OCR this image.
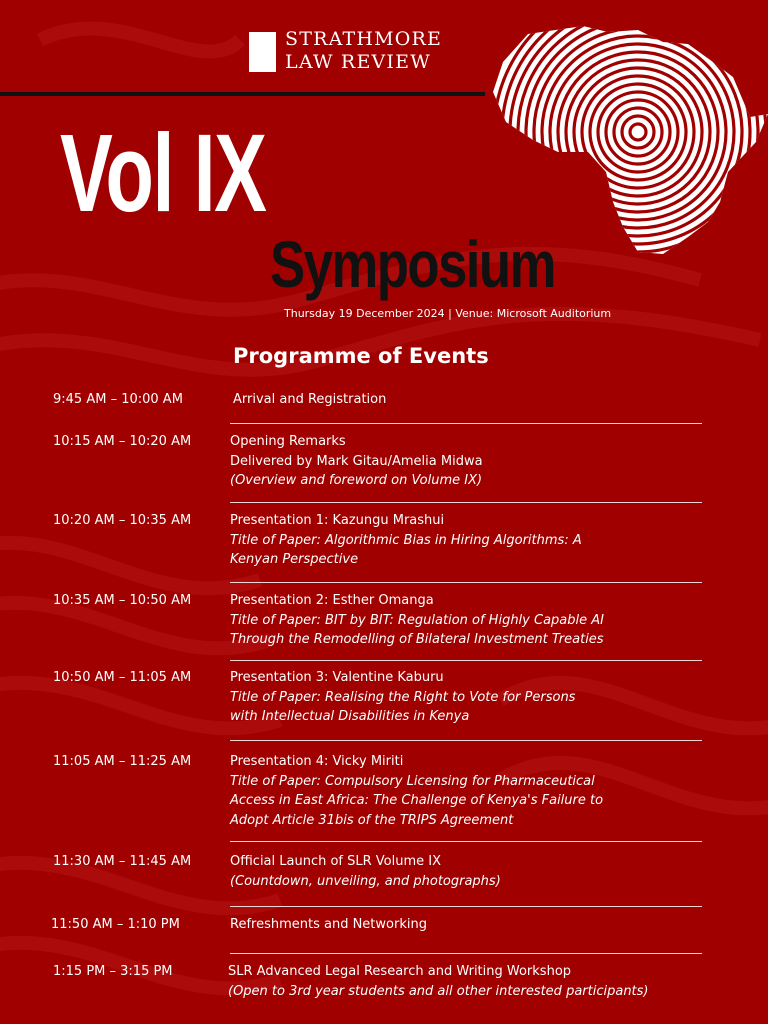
STRATHMORE
LAW REVIEW
Vol IX
Symposium
Thursday 19 December 2024 | Venue: Microsoft Auditorium
Programme of Events
9:45 AM – 10:00 AM	Arrival and Registration
10:15 AM – 10:20 AM	Opening Remarks
Delivered by Mark Gitau/Amelia Midwa
(Overview and foreword on Volume IX)
10:20 AM – 10:35 AM	Presentation 1: Kazungu Mrashui
Title of Paper: Algorithmic Bias in Hiring Algorithms: A
Kenyan Perspective
10:35 AM – 10:50 AM	Presentation 2: Esther Omanga
Title of Paper: BIT by BIT: Regulation of Highly Capable AI
Through the Remodelling of Bilateral Investment Treaties
10:50 AM – 11:05 AM	Presentation 3: Valentine Kaburu
Title of Paper: Realising the Right to Vote for Persons
with Intellectual Disabilities in Kenya
11:05 AM – 11:25 AM	Presentation 4: Vicky Miriti
Title of Paper: Compulsory Licensing for Pharmaceutical
Access in East Africa: The Challenge of Kenya's Failure to
Adopt Article 31bis of the TRIPS Agreement
11:30 AM – 11:45 AM	Official Launch of SLR Volume IX
(Countdown, unveiling, and photographs)
11:50 AM – 1:10 PM	Refreshments and Networking
1:15 PM – 3:15 PM	SLR Advanced Legal Research and Writing Workshop
(Open to 3rd year students and all other interested participants)
